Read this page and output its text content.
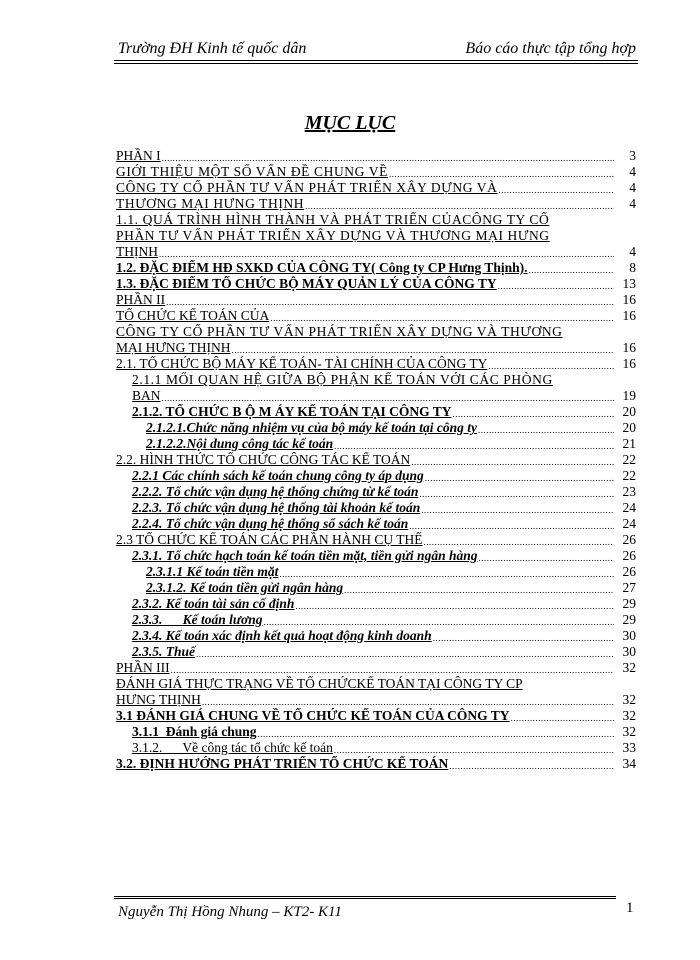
Trường ĐH Kinh tế quốc dân	Báo cáo thực tập tổng hợp
MỤC LỤC
PHẦN I .....	3
GIỚI THIỆU MỘT SỐ VẤN ĐỀ CHUNG VỀ .....	4
CÔNG TY CỔ PHẦN TƯ VẤN PHÁT TRIỂN XÂY DỰNG VÀ .....	4
THƯƠNG MẠI HƯNG THỊNH .....	4
1.1. QUÁ TRÌNH HÌNH THÀNH VÀ PHÁT TRIỂN CỦACÔNG TY CỔ
PHẦN TƯ VẤN PHÁT TRIỂN XÂY DỰNG VÀ THƯƠNG MẠI HƯNG
THỊNH .....	4
1.2. ĐẶC ĐIỂM HĐ SXKD CỦA CÔNG TY( Công ty CP Hưng Thịnh). .....	8
1.3. ĐẶC ĐIỂM TỔ CHỨC BỘ MÁY QUẢN LÝ CỦA CÔNG TY .....	13
PHẦN II .....	16
TỔ CHỨC KẾ TOÁN CỦA .....	16
CÔNG TY CỔ PHẦN TƯ VẤN PHÁT TRIỂN XÂY DỰNG VÀ THƯƠNG
MẠI HƯNG THỊNH .....	16
2.1. TỔ CHỨC BỘ MÁY KẾ TOÁN- TÀI CHÍNH CỦA CÔNG TY .....	16
2.1.1 MỐI QUAN HỆ GIỮA BỘ PHẬN KẾ TOÁN VỚI CÁC PHÒNG
BAN .....	19
2.1.2. TỔ CHỨC B Ộ M ÁY KẾ TOÁN TẠI CÔNG TY .....	20
2.1.2.1.Chức năng nhiệm vụ của bộ máy kế toán tại công ty .....	20
2.1.2.2.Nội dung công tác kế toán .....	21
2.2. HÌNH THỨC TỔ CHỨC CÔNG TÁC KẾ TOÁN .....	22
2.2.1 Các chính sách kế toán chung công ty áp dụng .....	22
2.2.2. Tổ chức vận dụng hệ thống chứng từ kế toán .....	23
2.2.3. Tổ chức vận dụng hệ thống tài khoản kế toán .....	24
2.2.4. Tổ chức vận dụng hệ thống sổ sách kế toán .....	24
2.3 TỔ CHỨC KẾ TOÁN CÁC PHẦN HÀNH CỤ THỂ .....	26
2.3.1. Tổ chức hạch toán kế toán tiền mặt, tiền gửi ngân hàng .....	26
2.3.1.1 Kế toán tiền mặt .....	26
2.3.1.2. Kế toán tiền gửi ngân hàng .....	27
2.3.2. Kế toán tài sản cố định .....	29
2.3.3.      Kế toán lương .....	29
2.3.4. Kế toán xác định kết quả hoạt động kinh doanh .....	30
2.3.5. Thuế .....	30
PHẦN III .....	32
ĐÁNH GIÁ THỰC TRẠNG VỀ TỔ CHỨCKẾ TOÁN TẠI CÔNG TY CP
HƯNG THỊNH .....	32
3.1 ĐÁNH GIÁ CHUNG VỀ TỔ CHỨC KẾ TOÁN CỦA CÔNG TY .....	32
3.1.1  Đánh giá chung .....	32
3.1.2.      Về công tác tổ chức kế toán .....	33
3.2. ĐỊNH HƯỚNG PHÁT TRIỂN TỔ CHỨC KẾ TOÁN .....	34
Nguyễn Thị Hồng Nhung – KT2- K11	1
